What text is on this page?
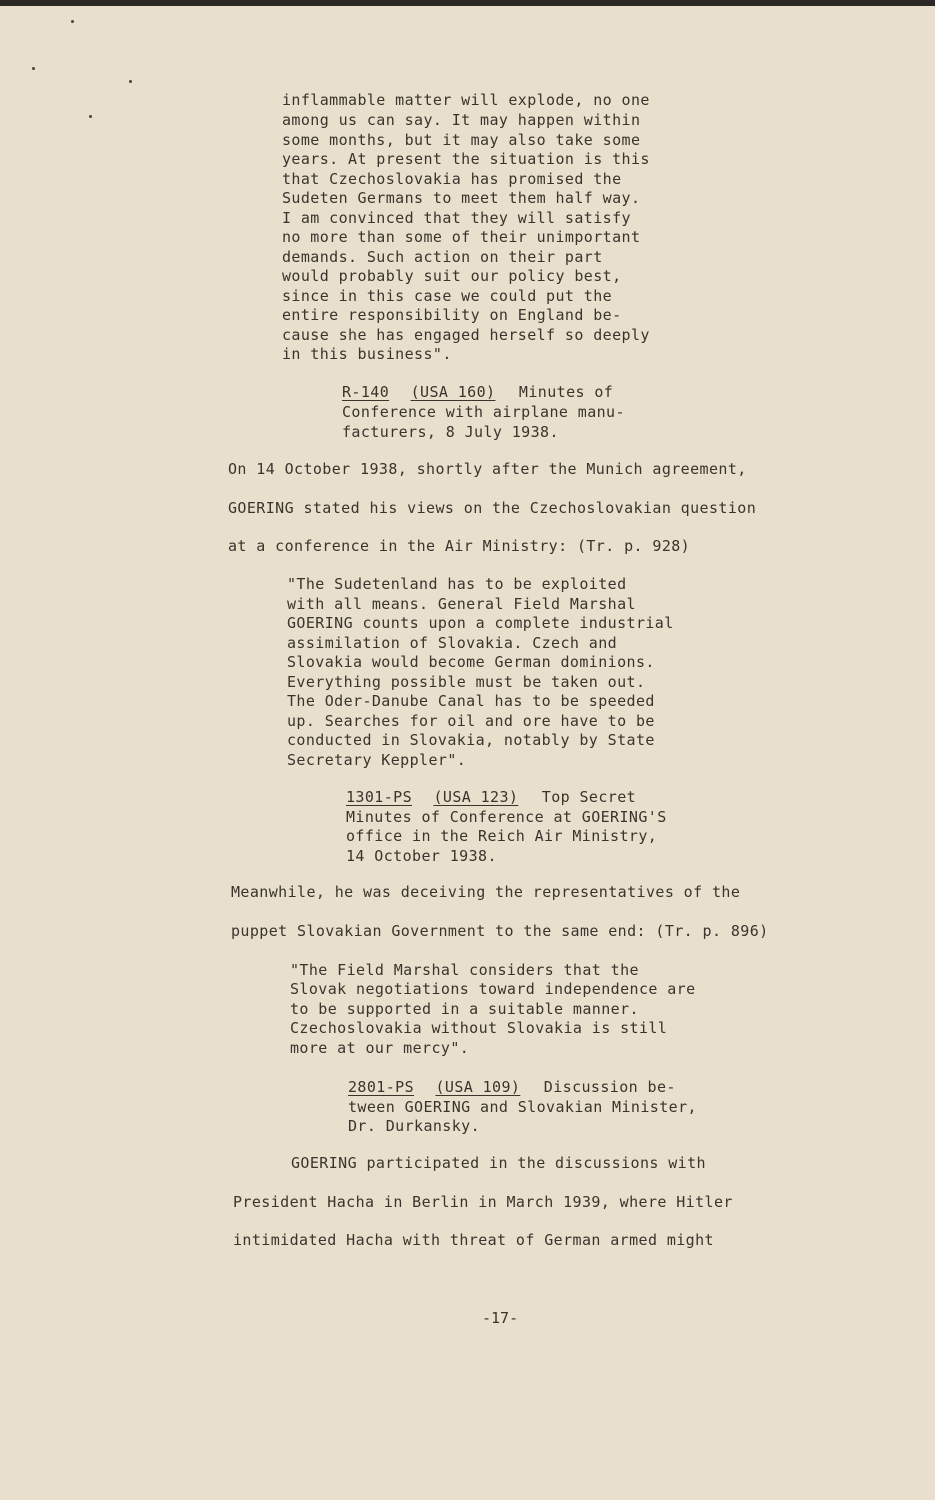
inflammable matter will explode, no one
among us can say. It may happen within
some months, but it may also take some
years. At present the situation is this
that Czechoslovakia has promised the
Sudeten Germans to meet them half way.
I am convinced that they will satisfy
no more than some of their unimportant
demands. Such action on their part
would probably suit our policy best,
since in this case we could put the
entire responsibility on England be-
cause she has engaged herself so deeply
in this business".
R-140 (USA 160) Minutes of
Conference with airplane manu-
facturers, 8 July 1938.
On 14 October 1938, shortly after the Munich agreement,
GOERING stated his views on the Czechoslovakian question
at a conference in the Air Ministry: (Tr. p. 928)
"The Sudetenland has to be exploited
with all means. General Field Marshal
GOERING counts upon a complete industrial
assimilation of Slovakia. Czech and
Slovakia would become German dominions.
Everything possible must be taken out.
The Oder-Danube Canal has to be speeded
up. Searches for oil and ore have to be
conducted in Slovakia, notably by State
Secretary Keppler".
1301-PS (USA 123) Top Secret
Minutes of Conference at GOERING'S
office in the Reich Air Ministry,
14 October 1938.
Meanwhile, he was deceiving the representatives of the
puppet Slovakian Government to the same end: (Tr. p. 896)
"The Field Marshal considers that the
Slovak negotiations toward independence are
to be supported in a suitable manner.
Czechoslovakia without Slovakia is still
more at our mercy".
2801-PS (USA 109) Discussion be-
tween GOERING and Slovakian Minister,
Dr. Durkansky.
GOERING participated in the discussions with
President Hacha in Berlin in March 1939, where Hitler
intimidated Hacha with threat of German armed might
-17-
